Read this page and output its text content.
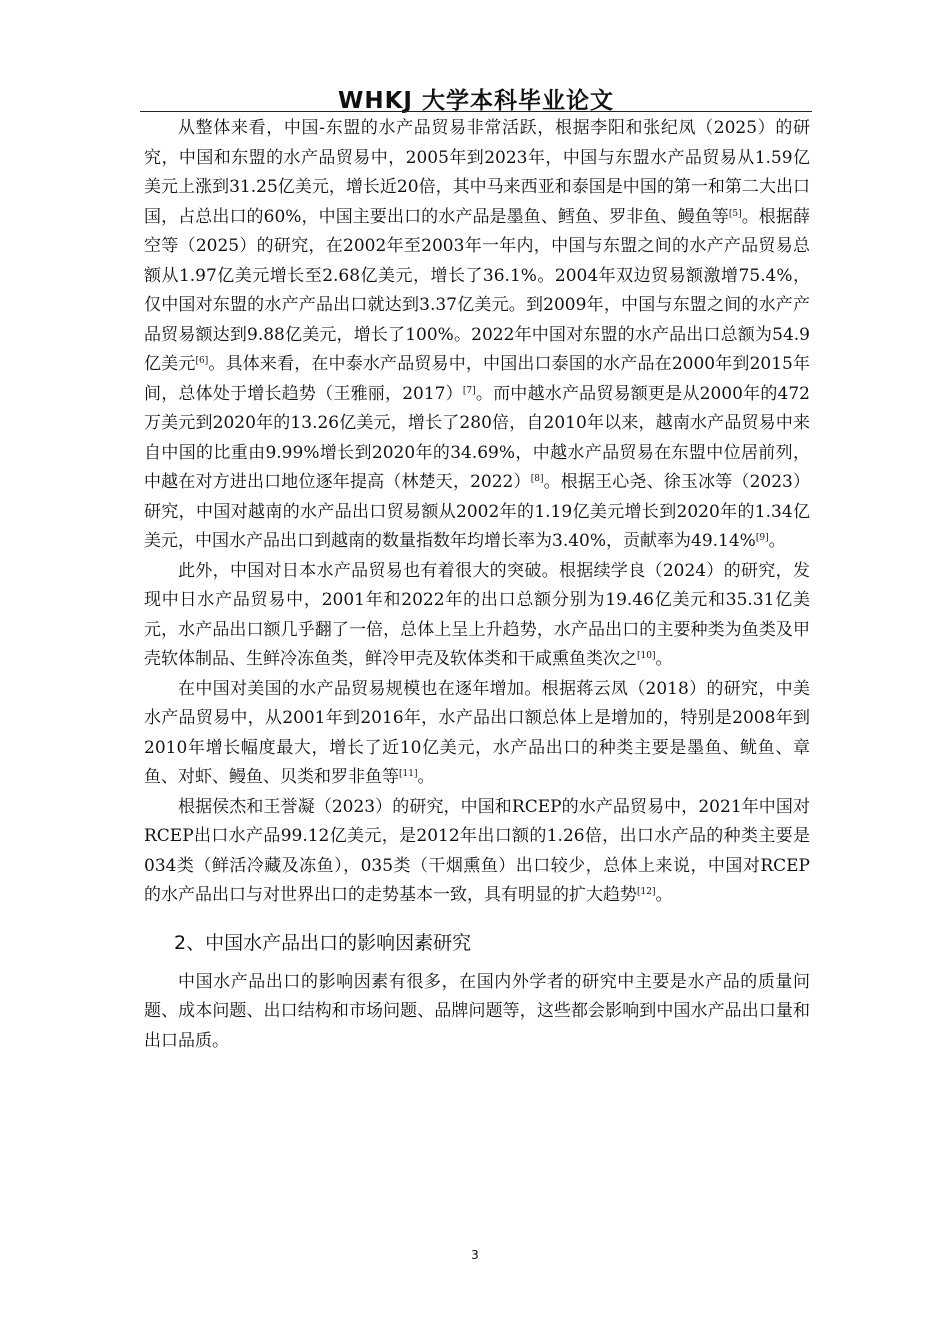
WHKJ 大学本科毕业论文

从整体来看，中国-东盟的水产品贸易非常活跃，根据李阳和张纪凤（2025）的研究，中国和东盟的水产品贸易中，2005年到2023年，中国与东盟水产品贸易从1.59亿美元上涨到31.25亿美元，增长近20倍，其中马来西亚和泰国是中国的第一和第二大出口国，占总出口的60%，中国主要出口的水产品是墨鱼、鳕鱼、罗非鱼、鳗鱼等[5]。根据薛空等（2025）的研究，在2002年至2003年一年内，中国与东盟之间的水产产品贸易总额从1.97亿美元增长至2.68亿美元，增长了36.1%。2004年双边贸易额激增75.4%，仅中国对东盟的水产产品出口就达到3.37亿美元。到2009年，中国与东盟之间的水产产品贸易额达到9.88亿美元，增长了100%。2022年中国对东盟的水产品出口总额为54.9亿美元[6]。具体来看，在中泰水产品贸易中，中国出口泰国的水产品在2000年到2015年间，总体处于增长趋势（王雅丽，2017）[7]。而中越水产品贸易额更是从2000年的472万美元到2020年的13.26亿美元，增长了280倍，自2010年以来，越南水产品贸易中来自中国的比重由9.99%增长到2020年的34.69%，中越水产品贸易在东盟中位居前列，中越在对方进出口地位逐年提高（林楚天，2022）[8]。根据王心尧、徐玉冰等（2023）研究，中国对越南的水产品出口贸易额从2002年的1.19亿美元增长到2020年的1.34亿美元，中国水产品出口到越南的数量指数年均增长率为3.40%，贡献率为49.14%[9]。

此外，中国对日本水产品贸易也有着很大的突破。根据续学良（2024）的研究，发现中日水产品贸易中，2001年和2022年的出口总额分别为19.46亿美元和35.31亿美元，水产品出口额几乎翻了一倍，总体上呈上升趋势，水产品出口的主要种类为鱼类及甲壳软体制品、生鲜冷冻鱼类，鲜冷甲壳及软体类和干咸熏鱼类次之[10]。

在中国对美国的水产品贸易规模也在逐年增加。根据蒋云凤（2018）的研究，中美水产品贸易中，从2001年到2016年，水产品出口额总体上是增加的，特别是2008年到2010年增长幅度最大，增长了近10亿美元，水产品出口的种类主要是墨鱼、鱿鱼、章鱼、对虾、鳗鱼、贝类和罗非鱼等[11]。

根据侯杰和王誉凝（2023）的研究，中国和RCEP的水产品贸易中，2021年中国对RCEP出口水产品99.12亿美元，是2012年出口额的1.26倍，出口水产品的种类主要是034类（鲜活冷藏及冻鱼），035类（干烟熏鱼）出口较少，总体上来说，中国对RCEP的水产品出口与对世界出口的走势基本一致，具有明显的扩大趋势[12]。

2、中国水产品出口的影响因素研究

中国水产品出口的影响因素有很多，在国内外学者的研究中主要是水产品的质量问题、成本问题、出口结构和市场问题、品牌问题等，这些都会影响到中国水产品出口量和出口品质。

3
